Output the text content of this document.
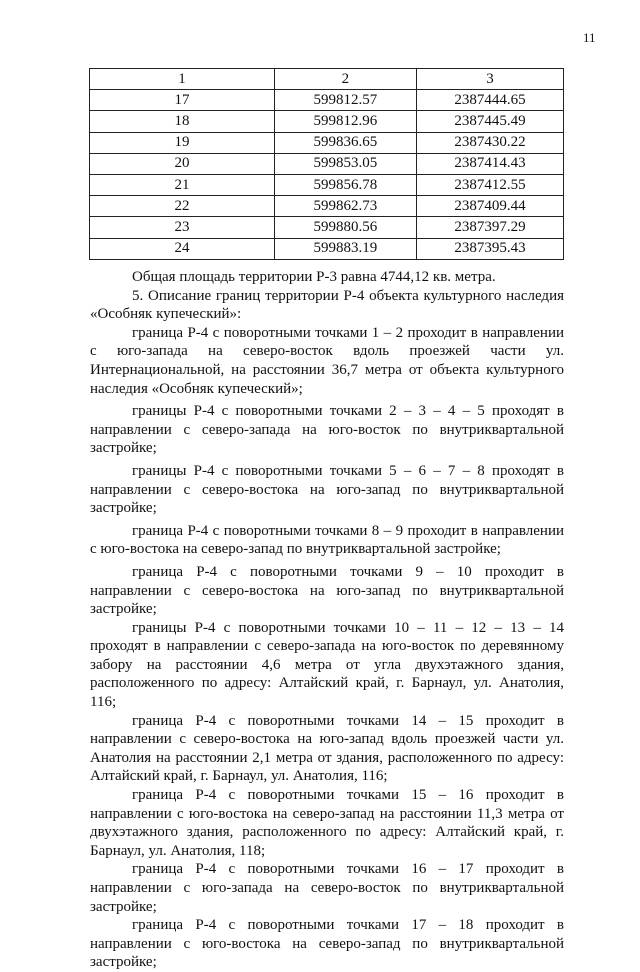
11
1	2	3
17	599812.57	2387444.65
18	599812.96	2387445.49
19	599836.65	2387430.22
20	599853.05	2387414.43
21	599856.78	2387412.55
22	599862.73	2387409.44
23	599880.56	2387397.29
24	599883.19	2387395.43

Общая площадь территории Р-3 равна 4744,12 кв. метра.

5. Описание границ территории Р-4 объекта культурного наследия «Особняк купеческий»:

граница Р-4 с поворотными точками 1 – 2 проходит в направлении с юго-запада на северо-восток вдоль проезжей части ул. Интернациональной, на расстоянии 36,7 метра от объекта культурного наследия «Особняк купеческий»;

границы Р-4 с поворотными точками 2 – 3 – 4 – 5 проходят в направлении с северо-запада на юго-восток по внутриквартальной застройке;

границы Р-4 с поворотными точками 5 – 6 – 7 – 8 проходят в направлении с северо-востока на юго-запад по внутриквартальной застройке;

граница Р-4 с поворотными точками 8 – 9 проходит в направлении с юго-востока на северо-запад по внутриквартальной застройке;

граница Р-4 с поворотными точками 9 – 10 проходит в направлении с северо-востока на юго-запад по внутриквартальной застройке;

границы Р-4 с поворотными точками 10 – 11 – 12 – 13 – 14 проходят в направлении с северо-запада на юго-восток по деревянному забору на расстоянии 4,6 метра от угла двухэтажного здания, расположенного по адресу: Алтайский край, г. Барнаул, ул. Анатолия, 116;

граница Р-4 с поворотными точками 14 – 15 проходит в направлении с северо-востока на юго-запад вдоль проезжей части ул. Анатолия на расстоянии 2,1 метра от здания, расположенного по адресу: Алтайский край, г. Барнаул, ул. Анатолия, 116;

граница Р-4 с поворотными точками 15 – 16 проходит в направлении с юго-востока на северо-запад на расстоянии 11,3 метра от двухэтажного здания, расположенного по адресу: Алтайский край, г. Барнаул, ул. Анатолия, 118;

граница Р-4 с поворотными точками 16 – 17 проходит в направлении с юго-запада на северо-восток по внутриквартальной застройке;

граница Р-4 с поворотными точками 17 – 18 проходит в направлении с юго-востока на северо-запад по внутриквартальной застройке;
